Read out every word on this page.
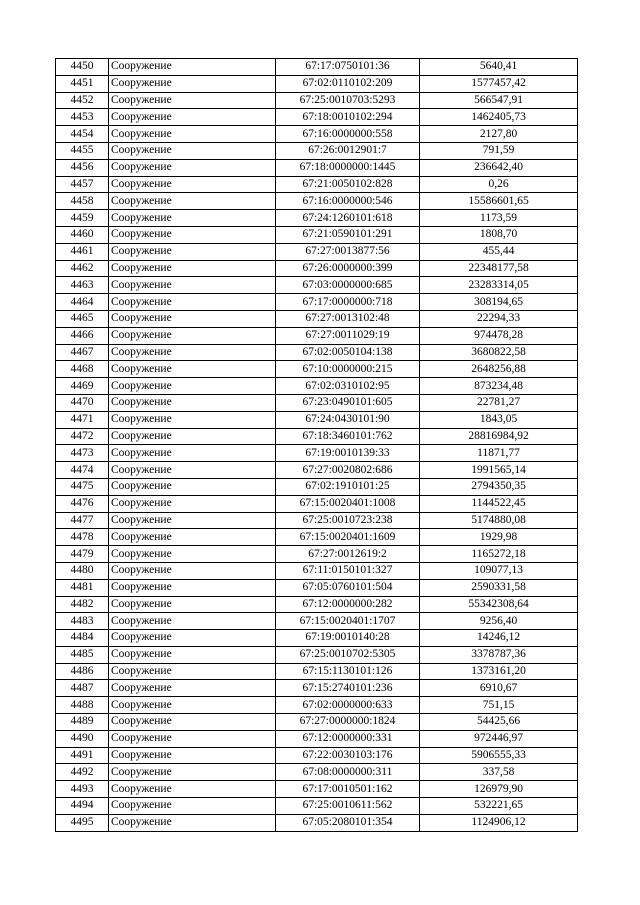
4450	Сооружение	67:17:0750101:36	5640,41
4451	Сооружение	67:02:0110102:209	1577457,42
4452	Сооружение	67:25:0010703:5293	566547,91
4453	Сооружение	67:18:0010102:294	1462405,73
4454	Сооружение	67:16:0000000:558	2127,80
4455	Сооружение	67:26:0012901:7	791,59
4456	Сооружение	67:18:0000000:1445	236642,40
4457	Сооружение	67:21:0050102:828	0,26
4458	Сооружение	67:16:0000000:546	15586601,65
4459	Сооружение	67:24:1260101:618	1173,59
4460	Сооружение	67:21:0590101:291	1808,70
4461	Сооружение	67:27:0013877:56	455,44
4462	Сооружение	67:26:0000000:399	22348177,58
4463	Сооружение	67:03:0000000:685	23283314,05
4464	Сооружение	67:17:0000000:718	308194,65
4465	Сооружение	67:27:0013102:48	22294,33
4466	Сооружение	67:27:0011029:19	974478,28
4467	Сооружение	67:02:0050104:138	3680822,58
4468	Сооружение	67:10:0000000:215	2648256,88
4469	Сооружение	67:02:0310102:95	873234,48
4470	Сооружение	67:23:0490101:605	22781,27
4471	Сооружение	67:24:0430101:90	1843,05
4472	Сооружение	67:18:3460101:762	28816984,92
4473	Сооружение	67:19:0010139:33	11871,77
4474	Сооружение	67:27:0020802:686	1991565,14
4475	Сооружение	67:02:1910101:25	2794350,35
4476	Сооружение	67:15:0020401:1008	1144522,45
4477	Сооружение	67:25:0010723:238	5174880,08
4478	Сооружение	67:15:0020401:1609	1929,98
4479	Сооружение	67:27:0012619:2	1165272,18
4480	Сооружение	67:11:0150101:327	109077,13
4481	Сооружение	67:05:0760101:504	2590331,58
4482	Сооружение	67:12:0000000:282	55342308,64
4483	Сооружение	67:15:0020401:1707	9256,40
4484	Сооружение	67:19:0010140:28	14246,12
4485	Сооружение	67:25:0010702:5305	3378787,36
4486	Сооружение	67:15:1130101:126	1373161,20
4487	Сооружение	67:15:2740101:236	6910,67
4488	Сооружение	67:02:0000000:633	751,15
4489	Сооружение	67:27:0000000:1824	54425,66
4490	Сооружение	67:12:0000000:331	972446,97
4491	Сооружение	67:22:0030103:176	5906555,33
4492	Сооружение	67:08:0000000:311	337,58
4493	Сооружение	67:17:0010501:162	126979,90
4494	Сооружение	67:25:0010611:562	532221,65
4495	Сооружение	67:05:2080101:354	1124906,12
